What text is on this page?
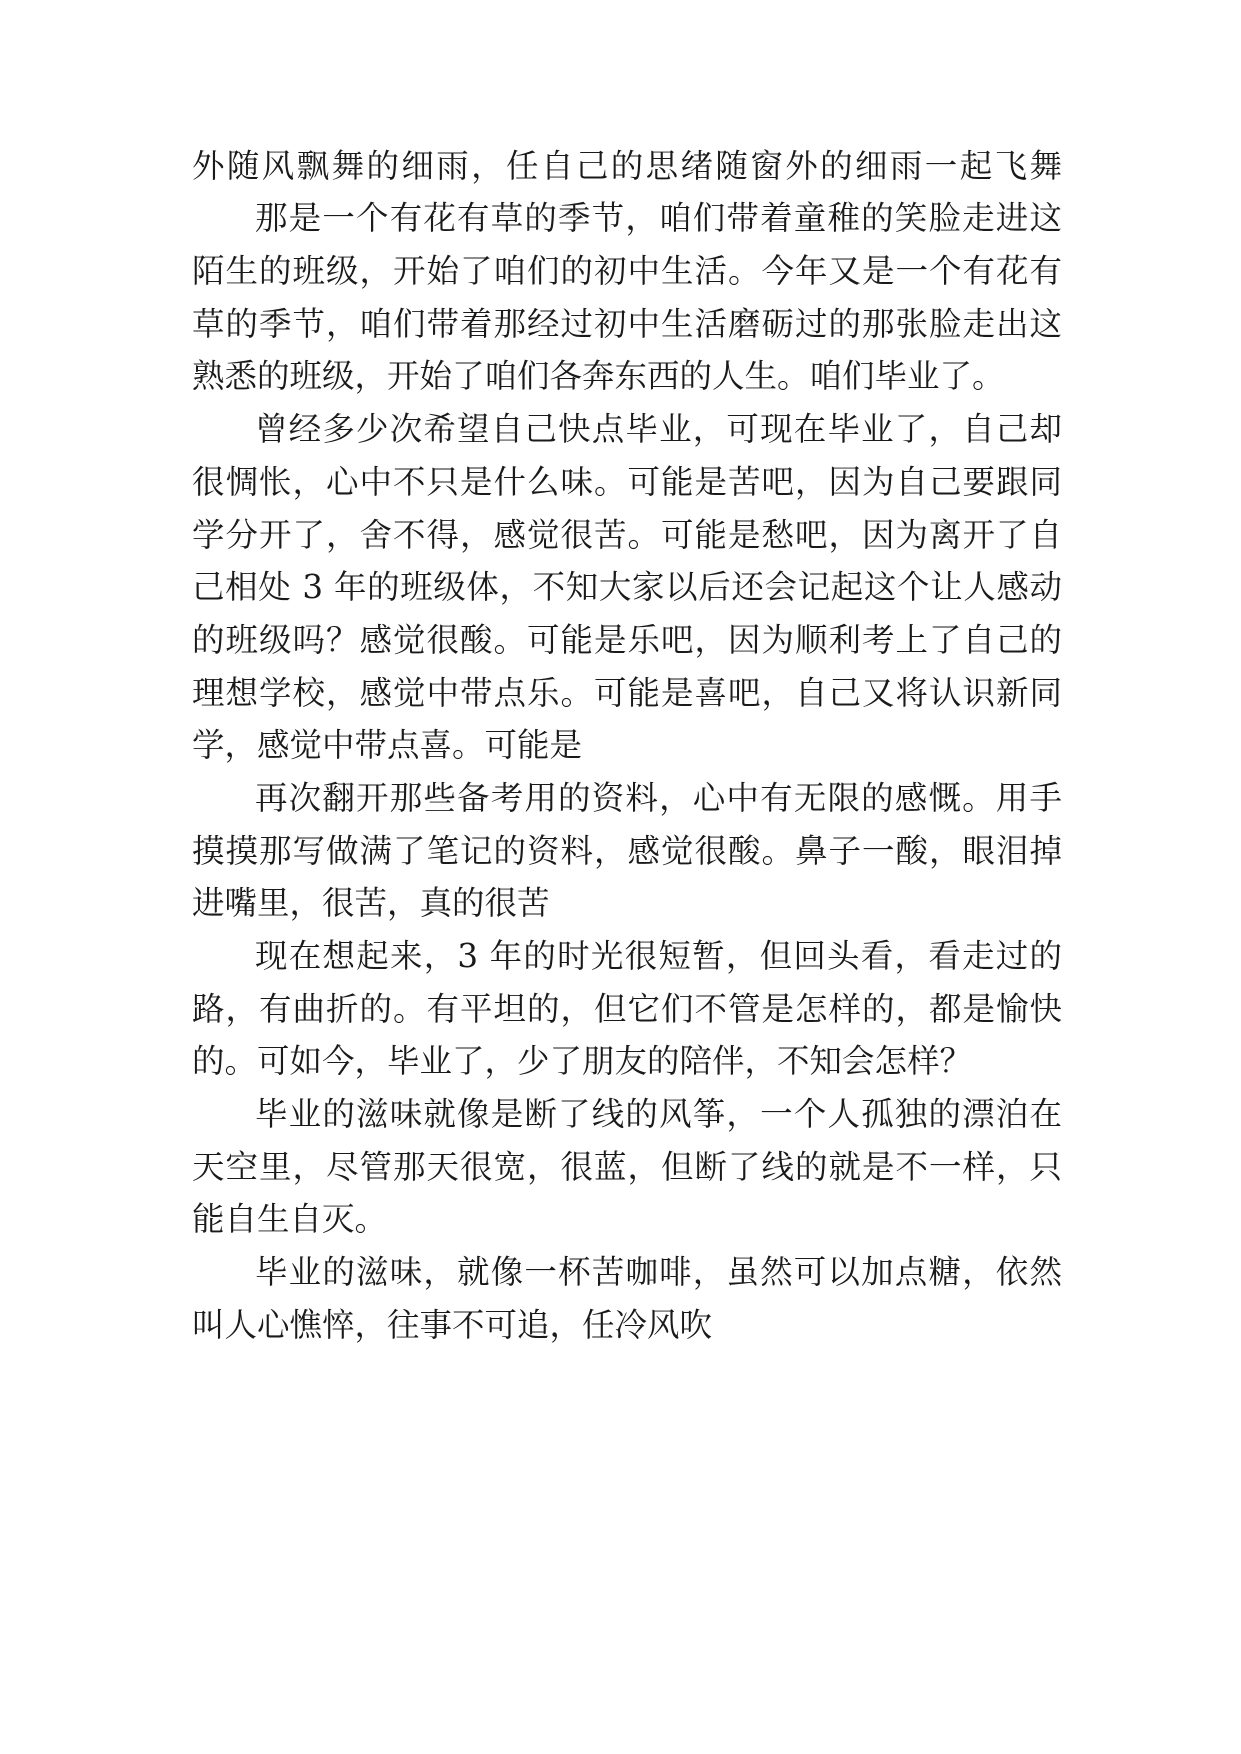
外随风飘舞的细雨，任自己的思绪随窗外的细雨一起飞舞
那是一个有花有草的季节，咱们带着童稚的笑脸走进这
陌生的班级，开始了咱们的初中生活。今年又是一个有花有
草的季节，咱们带着那经过初中生活磨砺过的那张脸走出这
熟悉的班级，开始了咱们各奔东西的人生。咱们毕业了。
曾经多少次希望自己快点毕业，可现在毕业了，自己却
很惆怅，心中不只是什么味。可能是苦吧，因为自己要跟同
学分开了，舍不得，感觉很苦。可能是愁吧，因为离开了自
己相处 3 年的班级体，不知大家以后还会记起这个让人感动
的班级吗？感觉很酸。可能是乐吧，因为顺利考上了自己的
理想学校，感觉中带点乐。可能是喜吧，自己又将认识新同
学，感觉中带点喜。可能是
再次翻开那些备考用的资料，心中有无限的感慨。用手
摸摸那写做满了笔记的资料，感觉很酸。鼻子一酸，眼泪掉
进嘴里，很苦，真的很苦
现在想起来，3 年的时光很短暂，但回头看，看走过的
路，有曲折的。有平坦的，但它们不管是怎样的，都是愉快
的。可如今，毕业了，少了朋友的陪伴，不知会怎样？
毕业的滋味就像是断了线的风筝，一个人孤独的漂泊在
天空里，尽管那天很宽，很蓝，但断了线的就是不一样，只
能自生自灭。
毕业的滋味，就像一杯苦咖啡，虽然可以加点糖，依然
叫人心憔悴，往事不可追，任冷风吹
